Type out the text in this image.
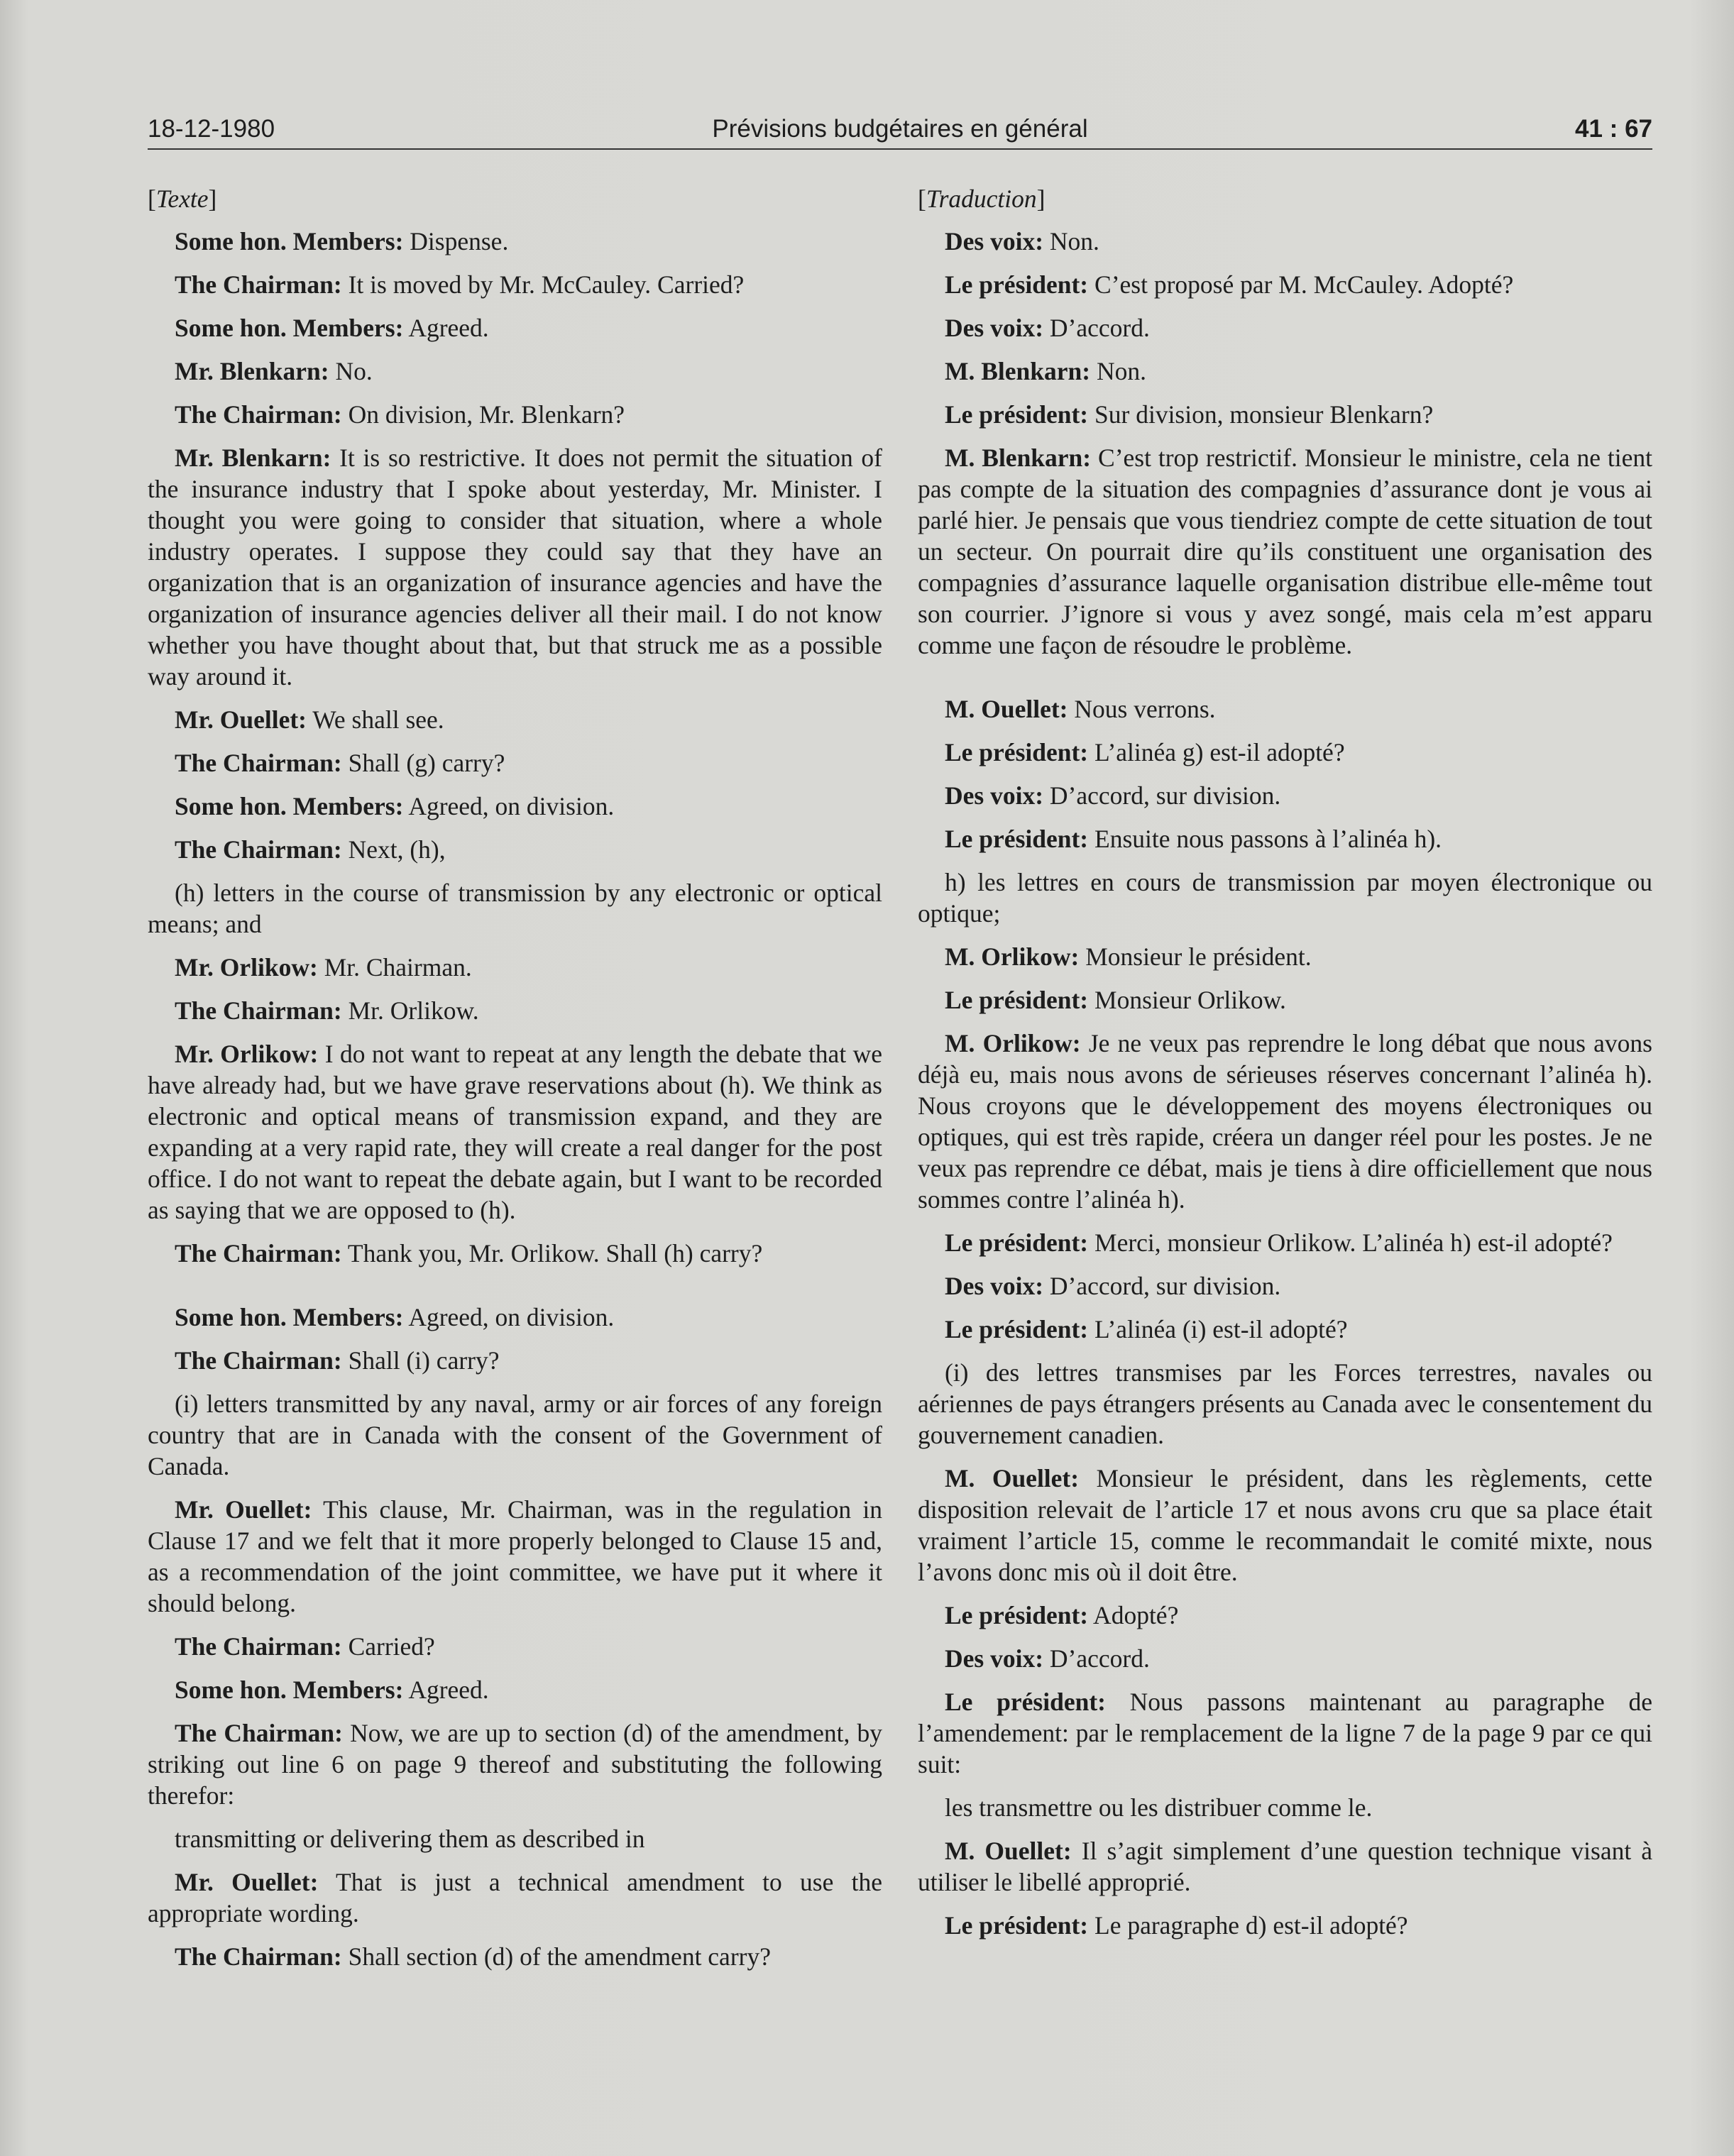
18-12-1980	Prévisions budgétaires en général	41 : 67
[Texte]

Some hon. Members: Dispense.

The Chairman: It is moved by Mr. McCauley. Carried?

Some hon. Members: Agreed.

Mr. Blenkarn: No.

The Chairman: On division, Mr. Blenkarn?

Mr. Blenkarn: It is so restrictive. It does not permit the situation of the insurance industry that I spoke about yesterday, Mr. Minister. I thought you were going to consider that situation, where a whole industry operates. I suppose they could say that they have an organization that is an organization of insurance agencies and have the organization of insurance agencies deliver all their mail. I do not know whether you have thought about that, but that struck me as a possible way around it.

Mr. Ouellet: We shall see.

The Chairman: Shall (g) carry?

Some hon. Members: Agreed, on division.

The Chairman: Next, (h),

(h) letters in the course of transmission by any electronic or optical means; and

Mr. Orlikow: Mr. Chairman.

The Chairman: Mr. Orlikow.

Mr. Orlikow: I do not want to repeat at any length the debate that we have already had, but we have grave reservations about (h). We think as electronic and optical means of transmission expand, and they are expanding at a very rapid rate, they will create a real danger for the post office. I do not want to repeat the debate again, but I want to be recorded as saying that we are opposed to (h).

The Chairman: Thank you, Mr. Orlikow. Shall (h) carry?

Some hon. Members: Agreed, on division.

The Chairman: Shall (i) carry?

(i) letters transmitted by any naval, army or air forces of any foreign country that are in Canada with the consent of the Government of Canada.

Mr. Ouellet: This clause, Mr. Chairman, was in the regulation in Clause 17 and we felt that it more properly belonged to Clause 15 and, as a recommendation of the joint committee, we have put it where it should belong.

The Chairman: Carried?

Some hon. Members: Agreed.

The Chairman: Now, we are up to section (d) of the amendment, by striking out line 6 on page 9 thereof and substituting the following therefor:

transmitting or delivering them as described in

Mr. Ouellet: That is just a technical amendment to use the appropriate wording.

The Chairman: Shall section (d) of the amendment carry?

[Traduction]

Des voix: Non.

Le président: C’est proposé par M. McCauley. Adopté?

Des voix: D’accord.

M. Blenkarn: Non.

Le président: Sur division, monsieur Blenkarn?

M. Blenkarn: C’est trop restrictif. Monsieur le ministre, cela ne tient pas compte de la situation des compagnies d’assurance dont je vous ai parlé hier. Je pensais que vous tiendriez compte de cette situation de tout un secteur. On pourrait dire qu’ils constituent une organisation des compagnies d’assurance laquelle organisation distribue elle-même tout son courrier. J’ignore si vous y avez songé, mais cela m’est apparu comme une façon de résoudre le problème.

M. Ouellet: Nous verrons.

Le président: L’alinéa g) est-il adopté?

Des voix: D’accord, sur division.

Le président: Ensuite nous passons à l’alinéa h).

h) les lettres en cours de transmission par moyen électronique ou optique;

M. Orlikow: Monsieur le président.

Le président: Monsieur Orlikow.

M. Orlikow: Je ne veux pas reprendre le long débat que nous avons déjà eu, mais nous avons de sérieuses réserves concernant l’alinéa h). Nous croyons que le développement des moyens électroniques ou optiques, qui est très rapide, créera un danger réel pour les postes. Je ne veux pas reprendre ce débat, mais je tiens à dire officiellement que nous sommes contre l’alinéa h).

Le président: Merci, monsieur Orlikow. L’alinéa h) est-il adopté?

Des voix: D’accord, sur division.

Le président: L’alinéa (i) est-il adopté?

(i) des lettres transmises par les Forces terrestres, navales ou aériennes de pays étrangers présents au Canada avec le consentement du gouvernement canadien.

M. Ouellet: Monsieur le président, dans les règlements, cette disposition relevait de l’article 17 et nous avons cru que sa place était vraiment l’article 15, comme le recommandait le comité mixte, nous l’avons donc mis où il doit être.

Le président: Adopté?

Des voix: D’accord.

Le président: Nous passons maintenant au paragraphe de l’amendement: par le remplacement de la ligne 7 de la page 9 par ce qui suit:

les transmettre ou les distribuer comme le.

M. Ouellet: Il s’agit simplement d’une question technique visant à utiliser le libellé approprié.

Le président: Le paragraphe d) est-il adopté?
